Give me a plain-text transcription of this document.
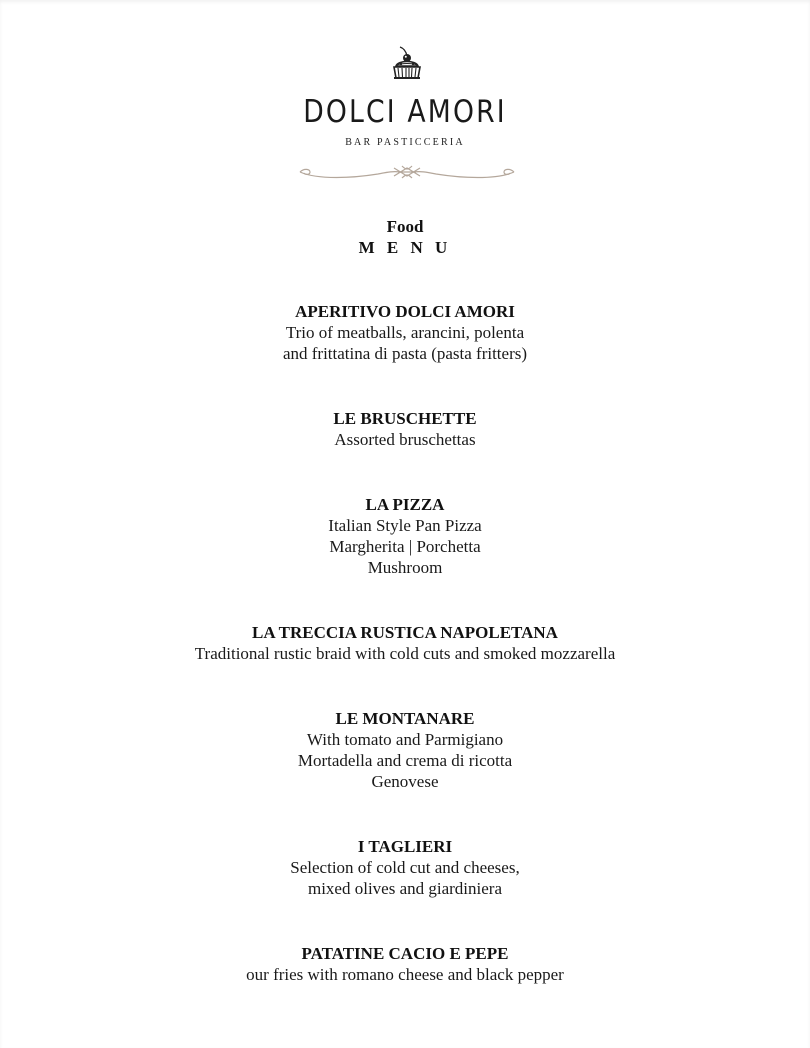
DOLCI AMORI
BAR PASTICCERIA
Food
M E N U
APERITIVO DOLCI AMORI
Trio of meatballs, arancini, polenta
and frittatina di pasta (pasta fritters)
LE BRUSCHETTE
Assorted bruschettas
LA PIZZA
Italian Style Pan Pizza
Margherita | Porchetta
Mushroom
LA TRECCIA RUSTICA NAPOLETANA
Traditional rustic braid with cold cuts and smoked mozzarella
LE MONTANARE
With tomato and Parmigiano
Mortadella and crema di ricotta
Genovese
I TAGLIERI
Selection of cold cut and cheeses,
mixed olives and giardiniera
PATATINE CACIO E PEPE
our fries with romano cheese and black pepper
